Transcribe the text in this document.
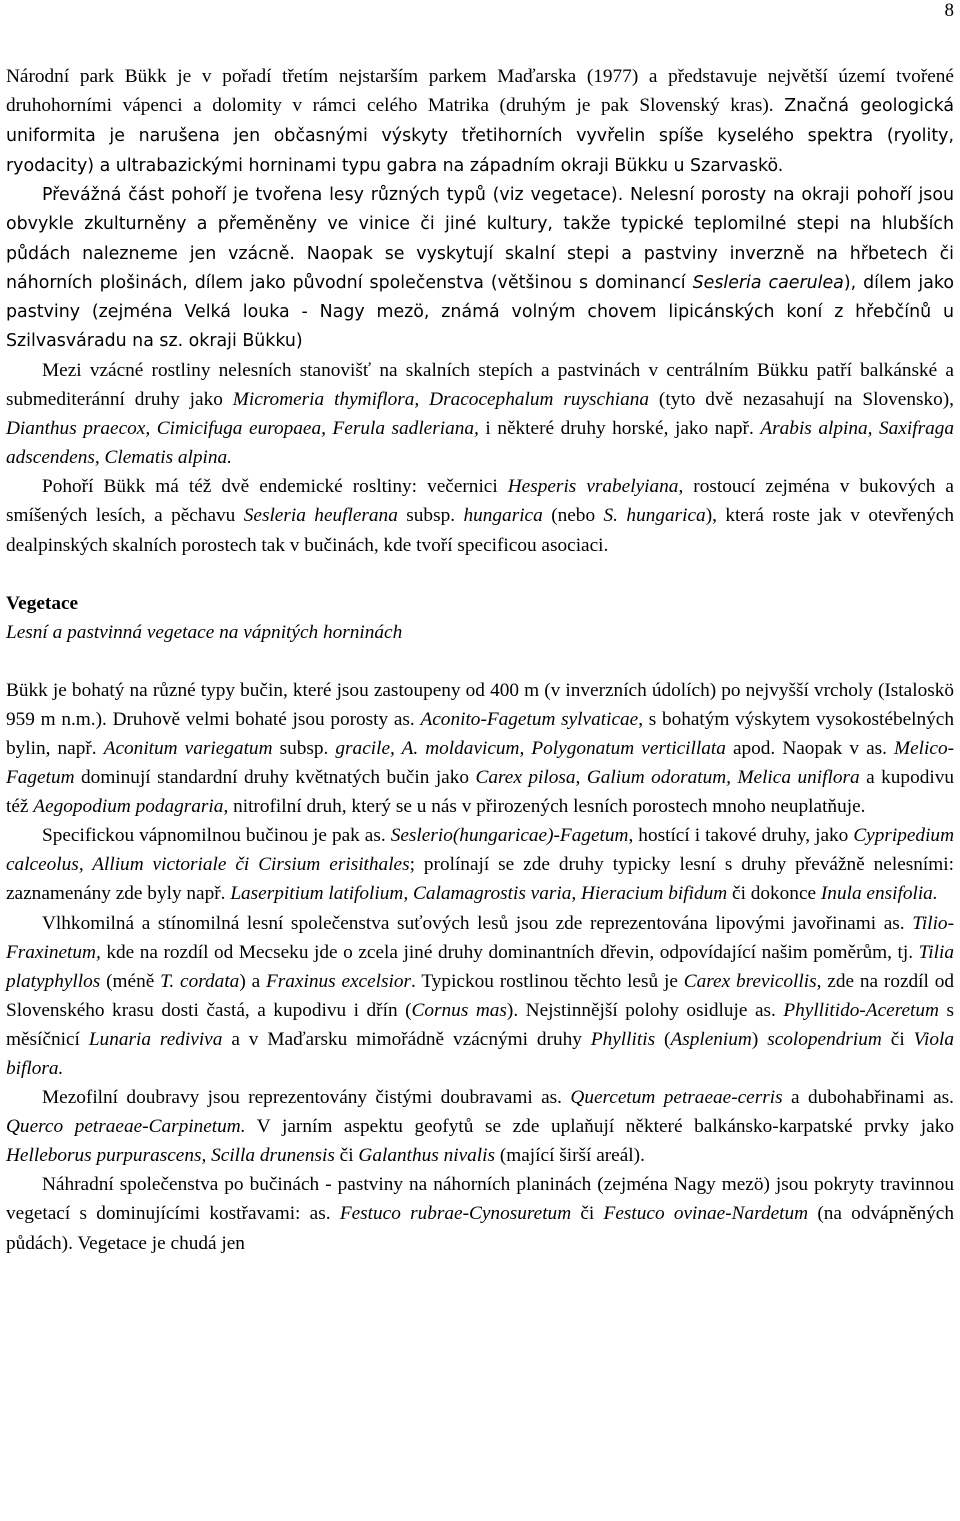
8

Národní park Bükk je v pořadí třetím nejstarším parkem Maďarska (1977) a představuje největší území tvořené druhohorními vápenci a dolomity v rámci celého Matrika (druhým je pak Slovenský kras). Značná geologická uniformita je narušena jen občasnými výskyty třetihorních vyvřelin spíše kyselého spektra (ryolity, ryodacity) a ultrabazickými horninami typu gabra na západním okraji Bükku u Szarvaskö.

Převážná část pohoří je tvořena lesy různých typů (viz vegetace). Nelesní porosty na okraji pohoří jsou obvykle zkulturněny a přeměněny ve vinice či jiné kultury, takže typické teplomilné stepi na hlubších půdách nalezneme jen vzácně. Naopak se vyskytují skalní stepi a pastviny inverzně na hřbetech či náhorních plošinách, dílem jako původní společenstva (většinou s dominancí Sesleria caerulea), dílem jako pastviny (zejména Velká louka - Nagy mezö, známá volným chovem lipicánských koní z hřebčínů u Szilvasváradu na sz. okraji Bükku)

Mezi vzácné rostliny nelesních stanovišť na skalních stepích a pastvinách v centrálním Bükku patří balkánské a submediteránní druhy jako Micromeria thymiflora, Dracocephalum ruyschiana (tyto dvě nezasahují na Slovensko), Dianthus praecox, Cimicifuga europaea, Ferula sadleriana, i některé druhy horské, jako např. Arabis alpina, Saxifraga adscendens, Clematis alpina.

Pohoří Bükk má též dvě endemické rosltiny: večernici Hesperis vrabelyiana, rostoucí zejména v bukových a smíšených lesích, a pěchavu Sesleria heuflerana subsp. hungarica (nebo S. hungarica), která roste jak v otevřených dealpinských skalních porostech tak v bučinách, kde tvoří specificou asociaci.

Vegetace
Lesní a pastvinná vegetace na vápnitých horninách

Bükk je bohatý na různé typy bučin, které jsou zastoupeny od 400 m (v inverzních údolích) po nejvyšší vrcholy (Istaloskö 959 m n.m.). Druhově velmi bohaté jsou porosty as. Aconito-Fagetum sylvaticae, s bohatým výskytem vysokostébelných bylin, např. Aconitum variegatum subsp. gracile, A. moldavicum, Polygonatum verticillata apod. Naopak v as. Melico-Fagetum dominují standardní druhy květnatých bučin jako Carex pilosa, Galium odoratum, Melica uniflora a kupodivu též Aegopodium podagraria, nitrofilní druh, který se u nás v přirozených lesních porostech mnoho neuplatňuje.

Specifickou vápnomilnou bučinou je pak as. Seslerio(hungaricae)-Fagetum, hostící i takové druhy, jako Cypripedium calceolus, Allium victoriale či Cirsium erisithales; prolínají se zde druhy typicky lesní s druhy převážně nelesními: zaznamenány zde byly např. Laserpitium latifolium, Calamagrostis varia, Hieracium bifidum či dokonce Inula ensifolia.

Vlhkomilná a stínomilná lesní společenstva suťových lesů jsou zde reprezentována lipovými javořinami as. Tilio-Fraxinetum, kde na rozdíl od Mecseku jde o zcela jiné druhy dominantních dřevin, odpovídající našim poměrům, tj. Tilia platyphyllos (méně T. cordata) a Fraxinus excelsior. Typickou rostlinou těchto lesů je Carex brevicollis, zde na rozdíl od Slovenského krasu dosti častá, a kupodivu i dřín (Cornus mas). Nejstinnější polohy osidluje as. Phyllitido-Aceretum s měsíčnicí Lunaria rediviva a v Maďarsku mimořádně vzácnými druhy Phyllitis (Asplenium) scolopendrium či Viola biflora.

Mezofilní doubravy jsou reprezentovány čistými doubravami as. Quercetum petraeae-cerris a dubohabřinami as. Querco petraeae-Carpinetum. V jarním aspektu geofytů se zde uplaňují některé balkánsko-karpatské prvky jako Helleborus purpurascens, Scilla drunensis či Galanthus nivalis (mající širší areál).

Náhradní společenstva po bučinách - pastviny na náhorních planinách (zejména Nagy mezö) jsou pokryty travinnou vegetací s dominujícími kostřavami: as. Festuco rubrae-Cynosuretum či Festuco ovinae-Nardetum (na odvápněných půdách). Vegetace je chudá jen
